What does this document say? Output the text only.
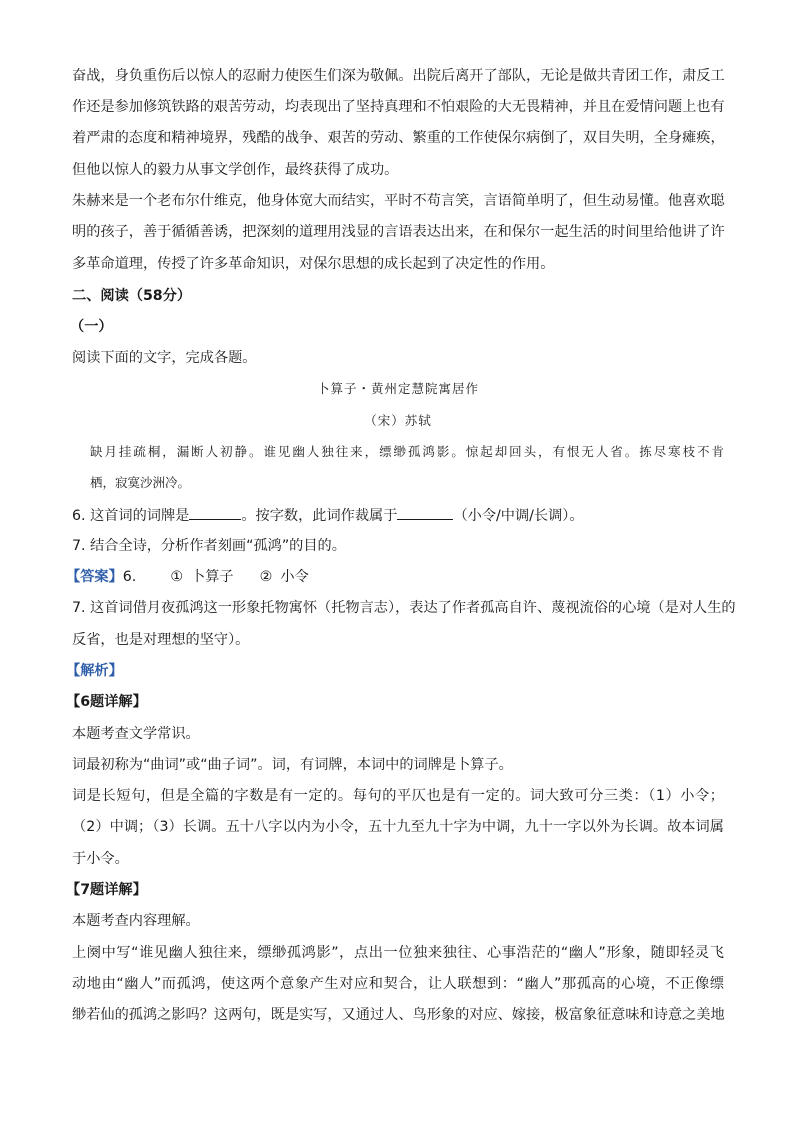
奋战，身负重伤后以惊人的忍耐力使医生们深为敬佩。出院后离开了部队，无论是做共青团工作，肃反工
作还是参加修筑铁路的艰苦劳动，均表现出了坚持真理和不怕艰险的大无畏精神，并且在爱情问题上也有
着严肃的态度和精神境界，残酷的战争、艰苦的劳动、繁重的工作使保尔病倒了，双目失明，全身瘫痪，
但他以惊人的毅力从事文学创作，最终获得了成功。
朱赫来是一个老布尔什维克，他身体宽大而结实，平时不苟言笑，言语简单明了，但生动易懂。他喜欢聪
明的孩子，善于循循善诱，把深刻的道理用浅显的言语表达出来，在和保尔一起生活的时间里给他讲了许
多革命道理，传授了许多革命知识，对保尔思想的成长起到了决定性的作用。
二、阅读（58分）
（一）
阅读下面的文字，完成各题。
卜算子・黄州定慧院寓居作
（宋）苏轼
缺月挂疏桐，漏断人初静。谁见幽人独往来，缥缈孤鸿影。惊起却回头，有恨无人省。拣尽寒枝不肯
栖，寂寞沙洲冷。
6. 这首词的词牌是	。按字数，此词作裁属于	（小令/中调/长调）。
7. 结合全诗，分析作者刻画“孤鸿”的目的。
【答案】6. ① 卜算子 ② 小令
7. 这首词借月夜孤鸿这一形象托物寓怀（托物言志），表达了作者孤高自许、蔑视流俗的心境（是对人生的
反省，也是对理想的坚守）。
【解析】
【6题详解】
本题考查文学常识。
词最初称为“曲词”或“曲子词”。词，有词牌，本词中的词牌是卜算子。
词是长短句，但是全篇的字数是有一定的。每句的平仄也是有一定的。词大致可分三类：（1）小令；
（2）中调；（3）长调。五十八字以内为小令，五十九至九十字为中调，九十一字以外为长调。故本词属
于小令。
【7题详解】
本题考查内容理解。
上阕中写“谁见幽人独往来，缥缈孤鸿影”，点出一位独来独往、心事浩茫的“幽人”形象，随即轻灵飞
动地由“幽人”而孤鸿，使这两个意象产生对应和契合，让人联想到：“幽人”那孤高的心境，不正像缥
缈若仙的孤鸿之影吗？这两句，既是实写，又通过人、鸟形象的对应、嫁接，极富象征意味和诗意之美地
